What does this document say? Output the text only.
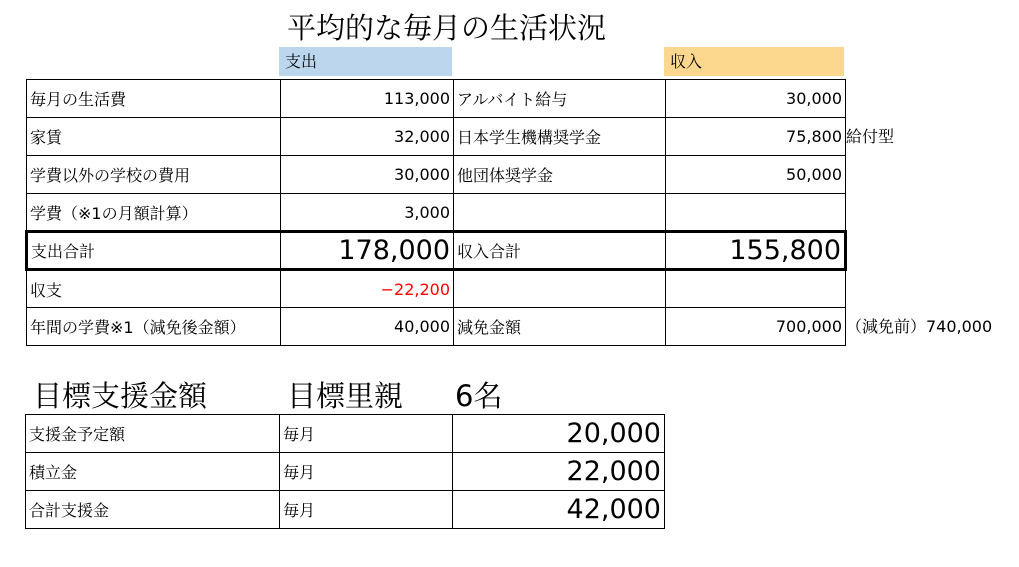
平均的な毎月の生活状況
支出	収入
毎月の生活費	113,000	アルバイト給与	30,000
家賃	32,000	日本学生機構奨学金	75,800
学費以外の学校の費用	30,000	他団体奨学金	50,000
学費（※1の月額計算）	3,000		
支出合計	178,000	収入合計	155,800
収支	−22,200		
年間の学費※1（減免後金額）	40,000	減免金額	700,000
給付型
（減免前）740,000
目標支援金額	目標里親 6名
支援金予定額	毎月	20,000
積立金	毎月	22,000
合計支援金	毎月	42,000
